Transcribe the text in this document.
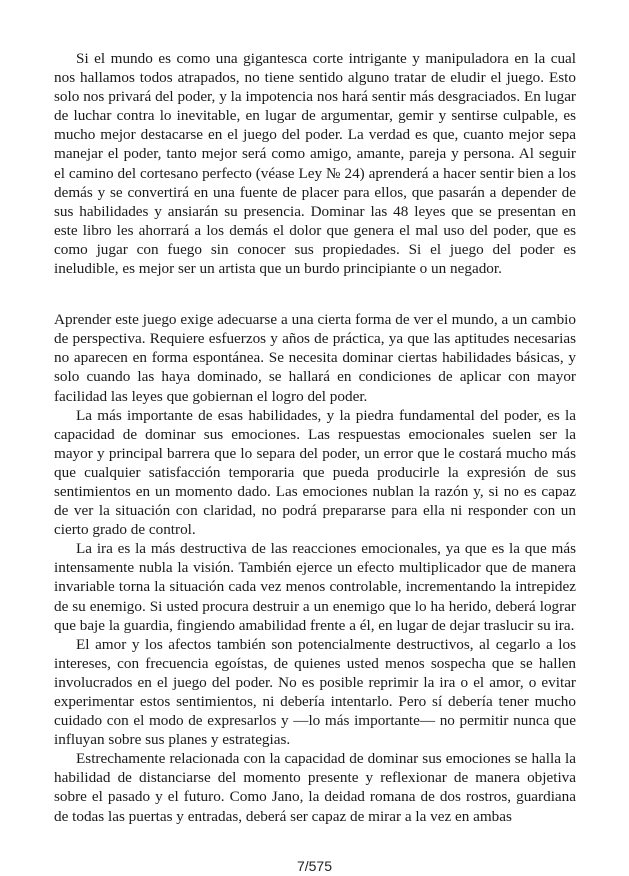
Si el mundo es como una gigantesca corte intrigante y manipuladora en la cual nos hallamos todos atrapados, no tiene sentido alguno tratar de eludir el juego. Esto solo nos privará del poder, y la impotencia nos hará sentir más desgraciados. En lugar de luchar contra lo inevitable, en lugar de argumentar, gemir y sentirse culpable, es mucho mejor destacarse en el juego del poder. La verdad es que, cuanto mejor sepa manejar el poder, tanto mejor será como amigo, amante, pareja y persona. Al seguir el camino del cortesano perfecto (véase Ley № 24) aprenderá a hacer sentir bien a los demás y se convertirá en una fuente de placer para ellos, que pasarán a depender de sus habilidades y ansiarán su presencia. Dominar las 48 leyes que se presentan en este libro les ahorrará a los demás el dolor que genera el mal uso del poder, que es como jugar con fuego sin conocer sus propiedades. Si el juego del poder es ineludible, es mejor ser un artista que un burdo principiante o un negador.

Aprender este juego exige adecuarse a una cierta forma de ver el mundo, a un cambio de perspectiva. Requiere esfuerzos y años de práctica, ya que las aptitudes necesarias no aparecen en forma espontánea. Se necesita dominar ciertas habilidades básicas, y solo cuando las haya dominado, se hallará en condiciones de aplicar con mayor facilidad las leyes que gobiernan el logro del poder.

La más importante de esas habilidades, y la piedra fundamental del poder, es la capacidad de dominar sus emociones. Las respuestas emocionales suelen ser la mayor y principal barrera que lo separa del poder, un error que le costará mucho más que cualquier satisfacción temporaria que pueda producirle la expresión de sus sentimientos en un momento dado. Las emociones nublan la razón y, si no es capaz de ver la situación con claridad, no podrá prepararse para ella ni responder con un cierto grado de control.

La ira es la más destructiva de las reacciones emocionales, ya que es la que más intensamente nubla la visión. También ejerce un efecto multiplicador que de manera invariable torna la situación cada vez menos controlable, incrementando la intrepidez de su enemigo. Si usted procura destruir a un enemigo que lo ha herido, deberá lograr que baje la guardia, fingiendo amabilidad frente a él, en lugar de dejar traslucir su ira.

El amor y los afectos también son potencialmente destructivos, al cegarlo a los intereses, con frecuencia egoístas, de quienes usted menos sospecha que se hallen involucrados en el juego del poder. No es posible reprimir la ira o el amor, o evitar experimentar estos sentimientos, ni debería intentarlo. Pero sí debería tener mucho cuidado con el modo de expresarlos y —lo más importante— no permitir nunca que influyan sobre sus planes y estrategias.

Estrechamente relacionada con la capacidad de dominar sus emociones se halla la habilidad de distanciarse del momento presente y reflexionar de manera objetiva sobre el pasado y el futuro. Como Jano, la deidad romana de dos rostros, guardiana de todas las puertas y entradas, deberá ser capaz de mirar a la vez en ambas

7/575
